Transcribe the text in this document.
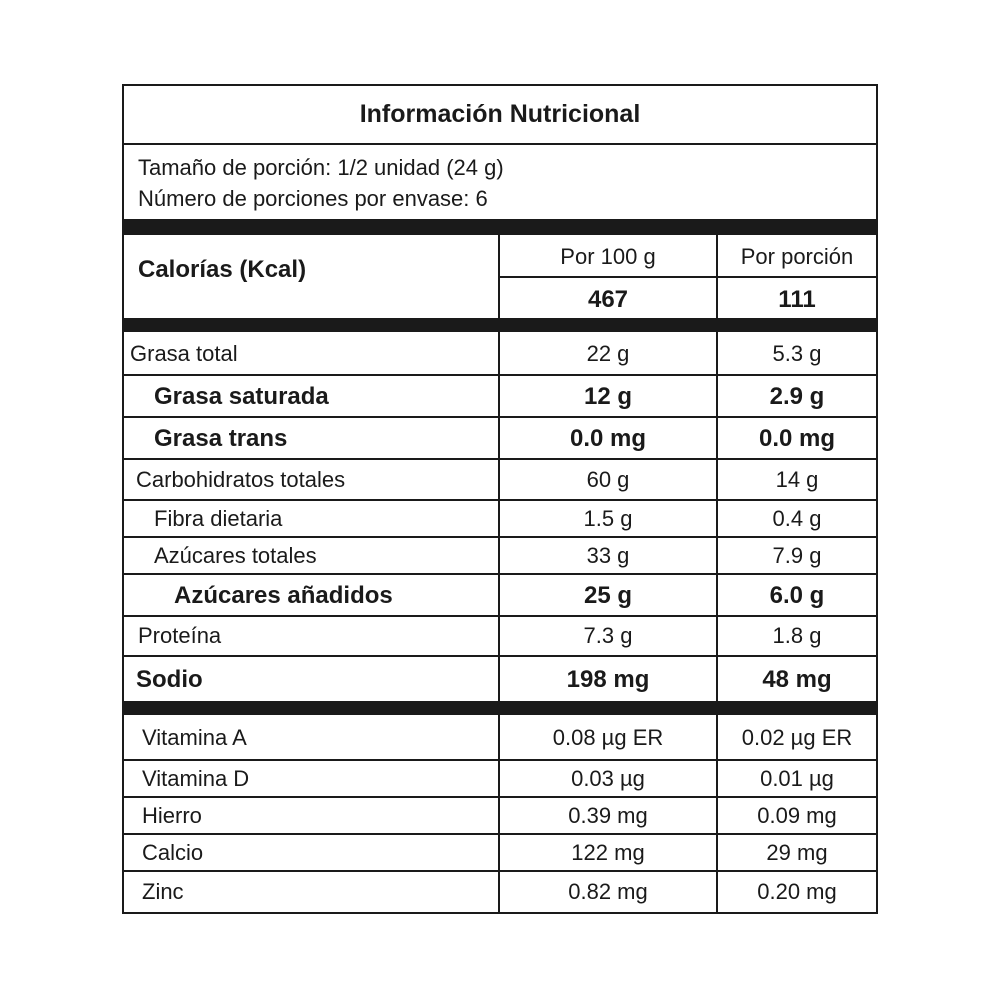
Información Nutricional
Tamaño de porción: 1/2 unidad (24 g)
Número de porciones por envase: 6
Calorías (Kcal)	Por 100 g	Por porción
467	111
Grasa total	22 g	5.3 g
Grasa saturada	12 g	2.9 g
Grasa trans	0.0 mg	0.0 mg
Carbohidratos totales	60 g	14 g
Fibra dietaria	1.5 g	0.4 g
Azúcares totales	33 g	7.9 g
Azúcares añadidos	25 g	6.0 g
Proteína	7.3 g	1.8 g
Sodio	198 mg	48 mg
Vitamina A	0.08 µg ER	0.02 µg ER
Vitamina D	0.03 µg	0.01 µg
Hierro	0.39 mg	0.09 mg
Calcio	122 mg	29 mg
Zinc	0.82 mg	0.20 mg
